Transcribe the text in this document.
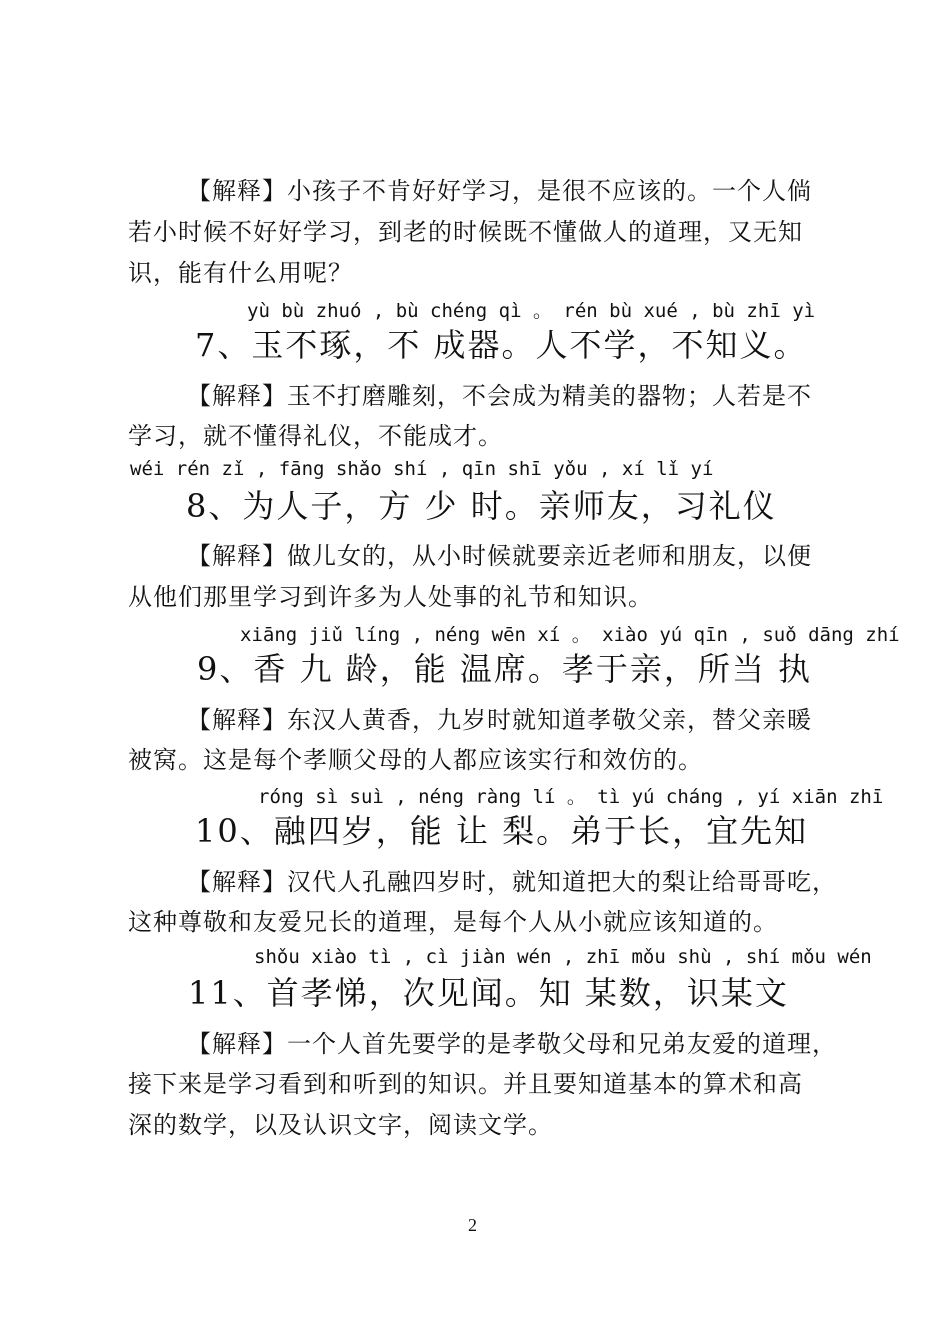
【解释】小孩子不肯好好学习，是很不应该的。一个人倘
若小时候不好好学习，到老的时候既不懂做人的道理，又无知
识，能有什么用呢？
yù bù zhuó , bù chéng qì 。 rén bù xué , bù zhī yì
7、玉不琢，不 成器。人不学，不知义。
【解释】玉不打磨雕刻，不会成为精美的器物；人若是不
学习，就不懂得礼仪，不能成才。
wéi rén zǐ , fāng shǎo shí , qīn shī yǒu , xí lǐ yí
8、为人子，方 少 时。亲师友，习礼仪
【解释】做儿女的，从小时候就要亲近老师和朋友，以便
从他们那里学习到许多为人处事的礼节和知识。
xiāng jiǔ líng , néng wēn xí 。 xiào yú qīn , suǒ dāng zhí
9、香 九 龄，能 温席。孝于亲，所当 执
【解释】东汉人黄香，九岁时就知道孝敬父亲，替父亲暖
被窝。这是每个孝顺父母的人都应该实行和效仿的。
róng sì suì , néng ràng lí 。 tì yú cháng , yí xiān zhī
10、融四岁，能 让 梨。弟于长，宜先知
【解释】汉代人孔融四岁时，就知道把大的梨让给哥哥吃，
这种尊敬和友爱兄长的道理，是每个人从小就应该知道的。
shǒu xiào tì , cì jiàn wén , zhī mǒu shù , shí mǒu wén
11、首孝悌，次见闻。知 某数，识某文
【解释】一个人首先要学的是孝敬父母和兄弟友爱的道理，
接下来是学习看到和听到的知识。并且要知道基本的算术和高
深的数学，以及认识文字，阅读文学。
2
